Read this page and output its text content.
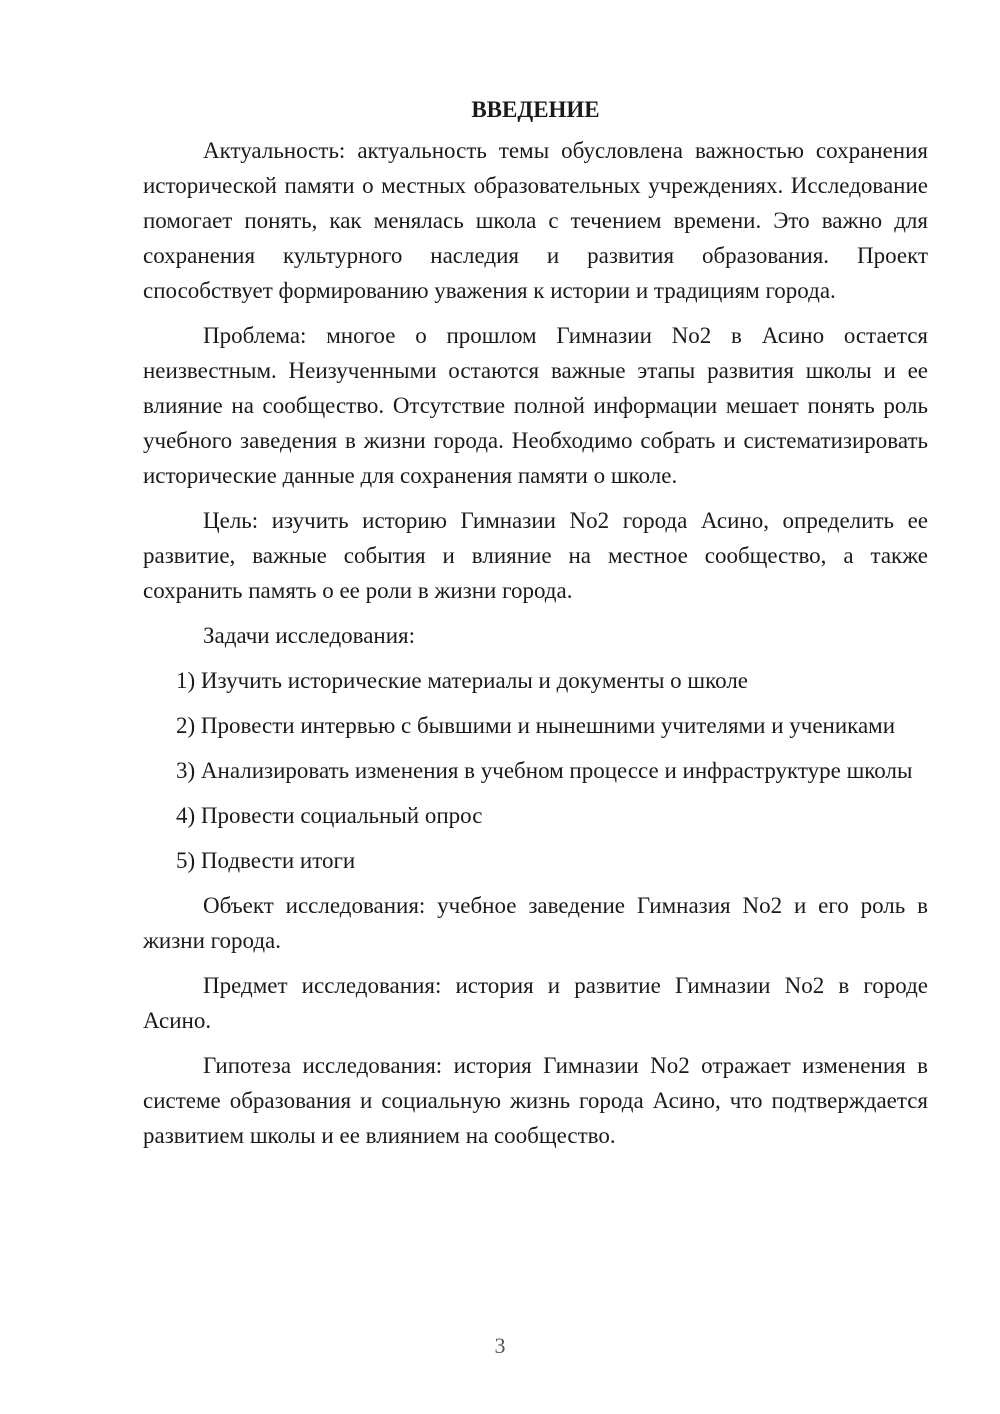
ВВЕДЕНИЕ

Актуальность: актуальность темы обусловлена важностью сохранения исторической памяти о местных образовательных учреждениях. Исследование помогает понять, как менялась школа с течением времени. Это важно для сохранения культурного наследия и развития образования. Проект способствует формированию уважения к истории и традициям города.

Проблема: многое о прошлом Гимназии No2 в Асино остается неизвестным. Неизученными остаются важные этапы развития школы и ее влияние на сообщество. Отсутствие полной информации мешает понять роль учебного заведения в жизни города. Необходимо собрать и систематизировать исторические данные для сохранения памяти о школе.

Цель: изучить историю Гимназии No2 города Асино, определить ее развитие, важные события и влияние на местное сообщество, а также сохранить память о ее роли в жизни города.

Задачи исследования:

1) Изучить исторические материалы и документы о школе

2) Провести интервью с бывшими и нынешними учителями и учениками

3) Анализировать изменения в учебном процессе и инфраструктуре школы

4) Провести социальный опрос

5) Подвести итоги

Объект исследования: учебное заведение Гимназия No2 и его роль в жизни города.

Предмет исследования: история и развитие Гимназии No2 в городе Асино.

Гипотеза исследования: история Гимназии No2 отражает изменения в системе образования и социальную жизнь города Асино, что подтверждается развитием школы и ее влиянием на сообщество.

3
